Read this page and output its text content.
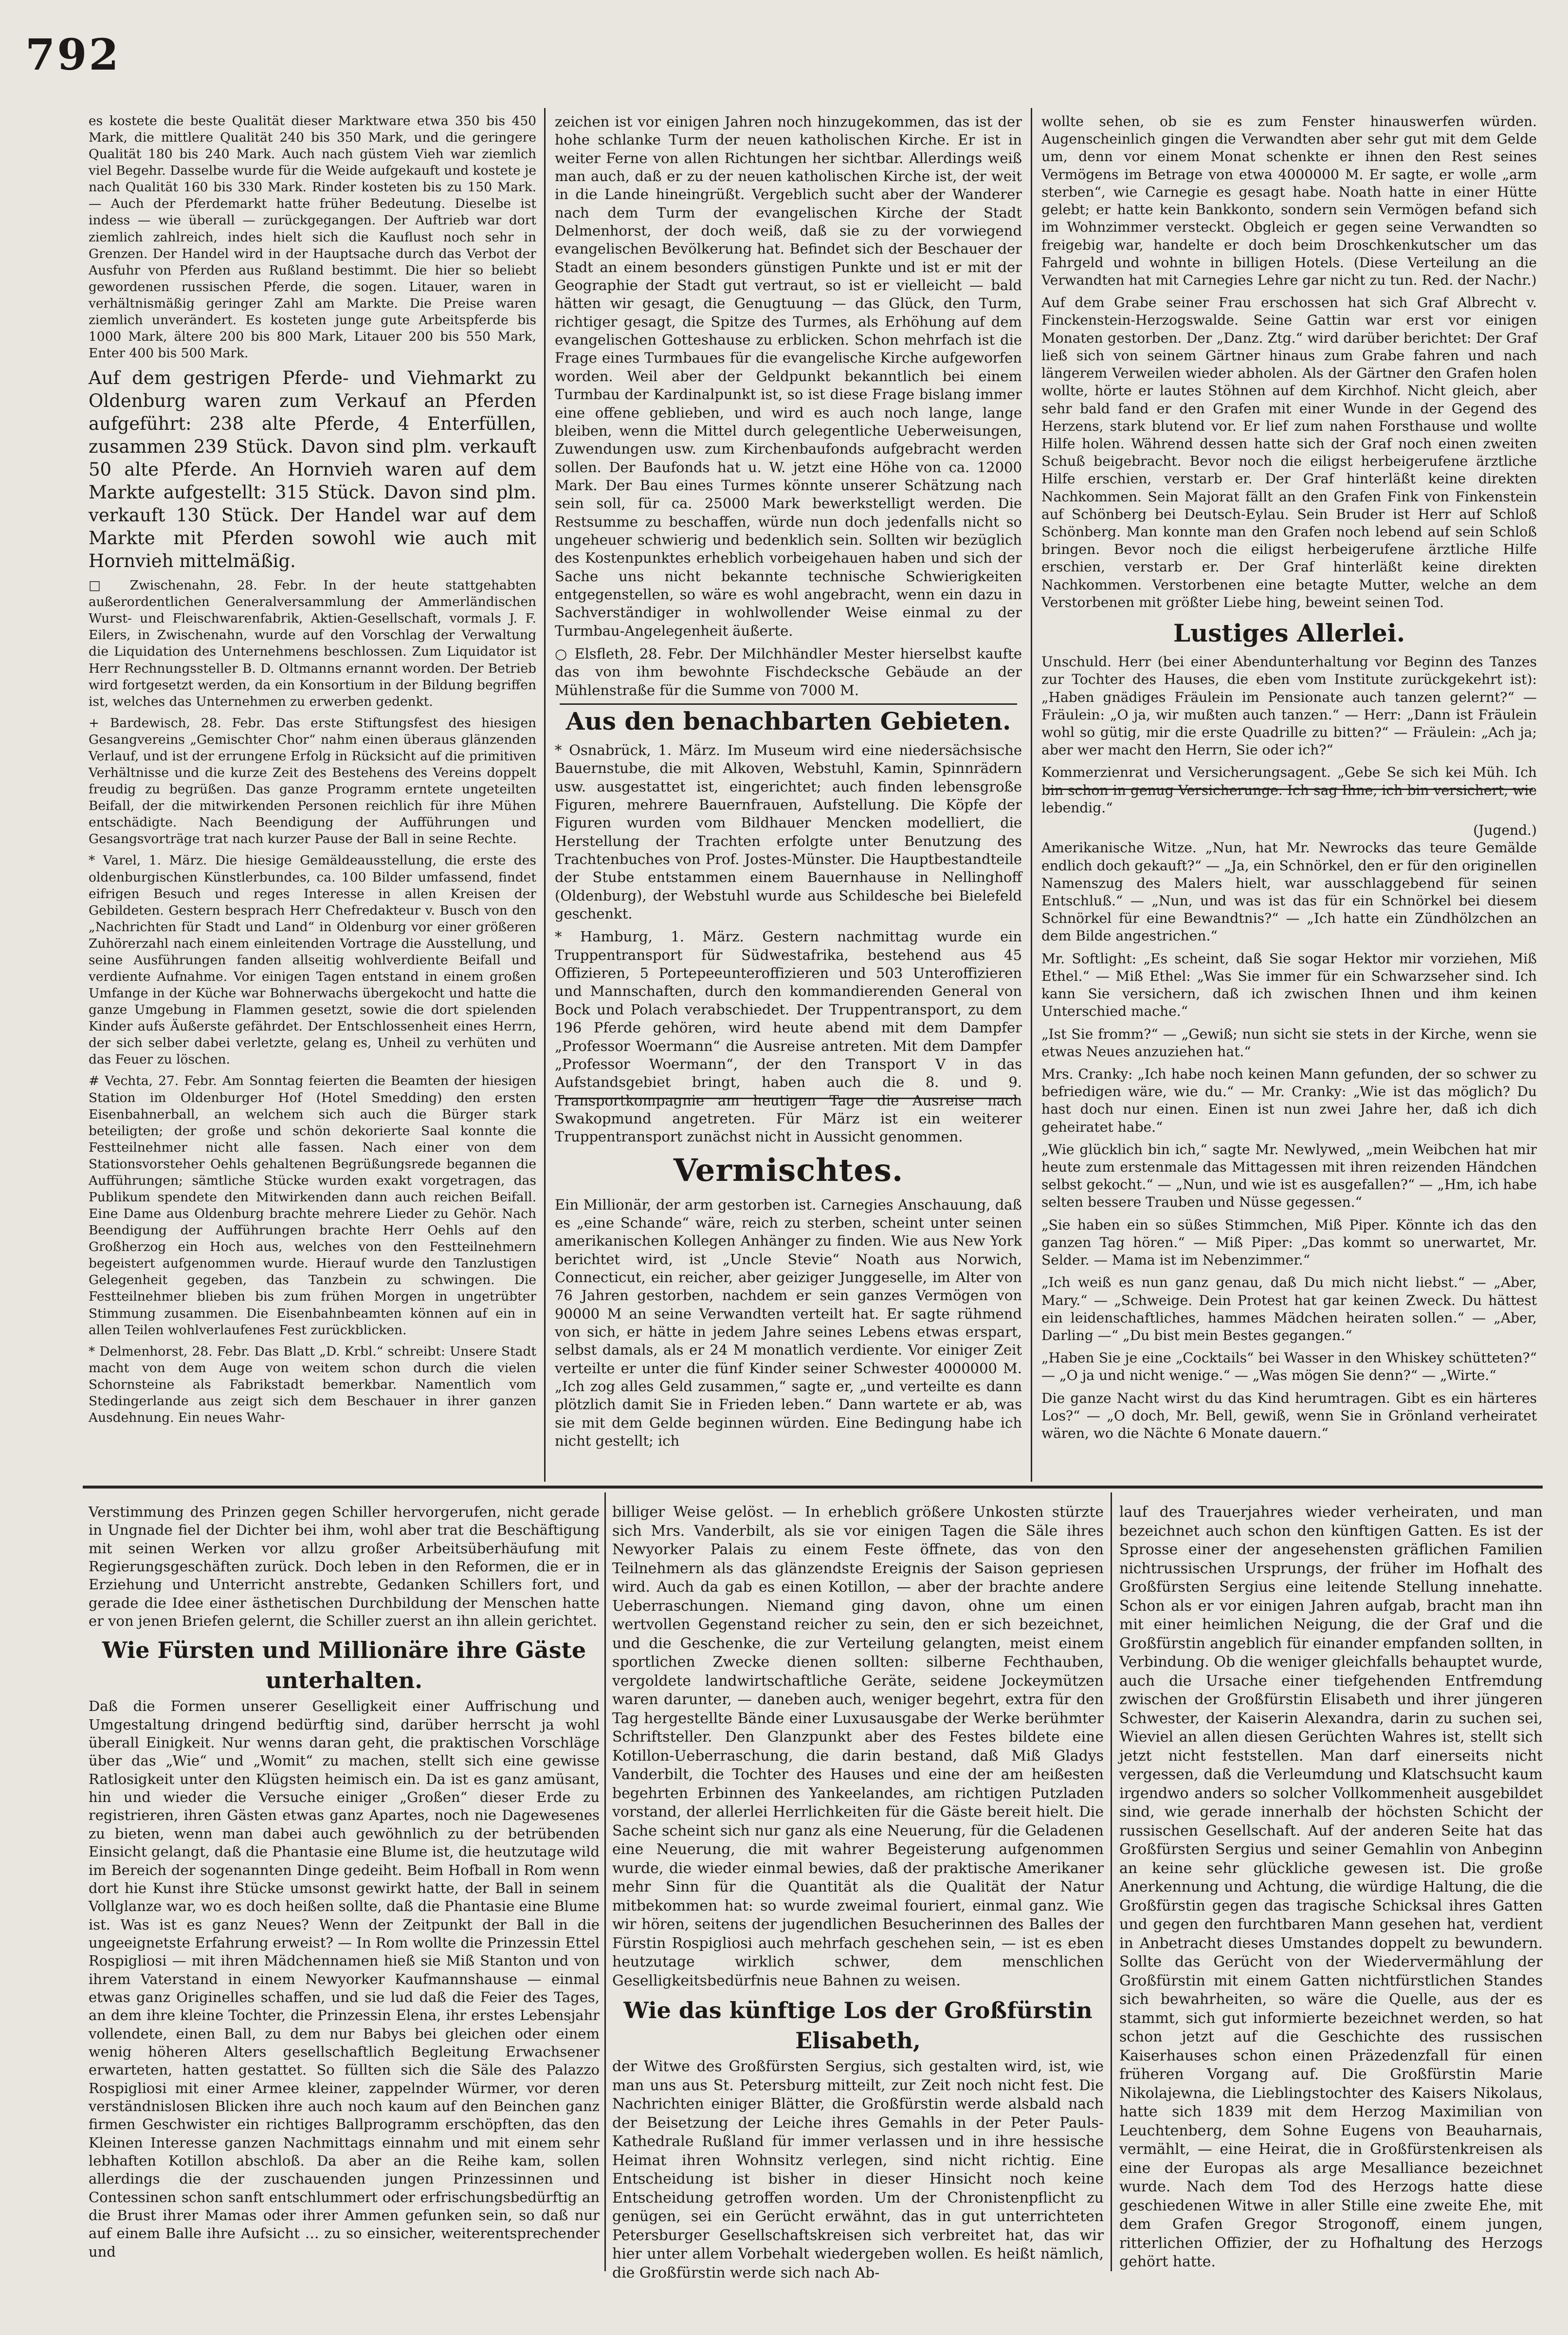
792

es kostete die beste Qualität dieser Marktware etwa 350 bis 450 Mark, die mittlere Qualität 240 bis 350 Mark, und die geringere Qualität 180 bis 240 Mark. Auch nach güstem Vieh war ziemlich viel Begehr. Dasselbe wurde für die Weide aufgekauft und kostete je nach Qualität 160 bis 330 Mark. Rinder kosteten bis zu 150 Mark. — Auch der Pferdemarkt hatte früher Bedeutung. Dieselbe ist indess — wie überall — zurückgegangen. Der Auftrieb war dort ziemlich zahlreich, indes hielt sich die Kauflust noch sehr in Grenzen. Der Handel wird in der Hauptsache durch das Verbot der Ausfuhr von Pferden aus Rußland bestimmt. Die hier so beliebt gewordenen russischen Pferde, die sogen. Litauer, waren in verhältnismäßig geringer Zahl am Markte. Die Preise waren ziemlich unverändert. Es kosteten junge gute Arbeitspferde bis 1000 Mark, ältere 200 bis 800 Mark, Litauer 200 bis 550 Mark, Enter 400 bis 500 Mark.

Auf dem gestrigen Pferde- und Viehmarkt zu Oldenburg waren zum Verkauf an Pferden aufgeführt: 238 alte Pferde, 4 Enterfüllen, zusammen 239 Stück. Davon sind plm. verkauft 50 alte Pferde. An Hornvieh waren auf dem Markte aufgestellt: 315 Stück. Davon sind plm. verkauft 130 Stück. Der Handel war auf dem Markte mit Pferden sowohl wie auch mit Hornvieh mittelmäßig.

□ Zwischenahn, 28. Febr. In der heute stattgehabten außerordentlichen Generalversammlung der Ammerländischen Wurst- und Fleischwarenfabrik, Aktien-Gesellschaft, vormals J. F. Eilers, in Zwischenahn, wurde auf den Vorschlag der Verwaltung die Liquidation des Unternehmens beschlossen. Zum Liquidator ist Herr Rechnungssteller B. D. Oltmanns ernannt worden. Der Betrieb wird fortgesetzt werden, da ein Konsortium in der Bildung begriffen ist, welches das Unternehmen zu erwerben gedenkt.

+ Bardewisch, 28. Febr. Das erste Stiftungsfest des hiesigen Gesangvereins „Gemischter Chor“ nahm einen überaus glänzenden Verlauf, und ist der errungene Erfolg in Rücksicht auf die primitiven Verhältnisse und die kurze Zeit des Bestehens des Vereins doppelt freudig zu begrüßen. Das ganze Programm erntete ungeteilten Beifall, der die mitwirkenden Personen reichlich für ihre Mühen entschädigte. Nach Beendigung der Aufführungen und Gesangsvorträge trat nach kurzer Pause der Ball in seine Rechte.

* Varel, 1. März. Die hiesige Gemäldeausstellung, die erste des oldenburgischen Künstlerbundes, ca. 100 Bilder umfassend, findet eifrigen Besuch und reges Interesse in allen Kreisen der Gebildeten. Gestern besprach Herr Chefredakteur v. Busch von den „Nachrichten für Stadt und Land“ in Oldenburg vor einer größeren Zuhörerzahl nach einem einleitenden Vortrage die Ausstellung, und seine Ausführungen fanden allseitig wohlverdiente Beifall und verdiente Aufnahme. Vor einigen Tagen entstand in einem großen Umfange in der Küche war Bohnerwachs übergekocht und hatte die ganze Umgebung in Flammen gesetzt, sowie die dort spielenden Kinder aufs Äußerste gefährdet. Der Entschlossenheit eines Herrn, der sich selber dabei verletzte, gelang es, Unheil zu verhüten und das Feuer zu löschen.

# Vechta, 27. Febr. Am Sonntag feierten die Beamten der hiesigen Station im Oldenburger Hof (Hotel Smedding) den ersten Eisenbahnerball, an welchem sich auch die Bürger stark beteiligten; der große und schön dekorierte Saal konnte die Festteilnehmer nicht alle fassen. Nach einer von dem Stationsvorsteher Oehls gehaltenen Begrüßungsrede begannen die Aufführungen; sämtliche Stücke wurden exakt vorgetragen, das Publikum spendete den Mitwirkenden dann auch reichen Beifall. Eine Dame aus Oldenburg brachte mehrere Lieder zu Gehör. Nach Beendigung der Aufführungen brachte Herr Oehls auf den Großherzog ein Hoch aus, welches von den Festteilnehmern begeistert aufgenommen wurde. Hierauf wurde den Tanzlustigen Gelegenheit gegeben, das Tanzbein zu schwingen. Die Festteilnehmer blieben bis zum frühen Morgen in ungetrübter Stimmung zusammen. Die Eisenbahnbeamten können auf ein in allen Teilen wohlverlaufenes Fest zurückblicken.

* Delmenhorst, 28. Febr. Das Blatt „D. Krbl.“ schreibt: Unsere Stadt macht von dem Auge von weitem schon durch die vielen Schornsteine als Fabrikstadt bemerkbar. Namentlich vom Stedingerlande aus zeigt sich dem Beschauer in ihrer ganzen Ausdehnung. Ein neues Wahr-

zeichen ist vor einigen Jahren noch hinzugekommen, das ist der hohe schlanke Turm der neuen katholischen Kirche. Er ist in weiter Ferne von allen Richtungen her sichtbar. Allerdings weiß man auch, daß er zu der neuen katholischen Kirche ist, der weit in die Lande hineingrüßt. Vergeblich sucht aber der Wanderer nach dem Turm der evangelischen Kirche der Stadt Delmenhorst, der doch weiß, daß sie zu der vorwiegend evangelischen Bevölkerung hat. Befindet sich der Beschauer der Stadt an einem besonders günstigen Punkte und ist er mit der Geographie der Stadt gut vertraut, so ist er vielleicht — bald hätten wir gesagt, die Genugtuung — das Glück, den Turm, richtiger gesagt, die Spitze des Turmes, als Erhöhung auf dem evangelischen Gotteshause zu erblicken. Schon mehrfach ist die Frage eines Turmbaues für die evangelische Kirche aufgeworfen worden. Weil aber der Geldpunkt bekanntlich bei einem Turmbau der Kardinalpunkt ist, so ist diese Frage bislang immer eine offene geblieben, und wird es auch noch lange, lange bleiben, wenn die Mittel durch gelegentliche Ueberweisungen, Zuwendungen usw. zum Kirchenbaufonds aufgebracht werden sollen. Der Baufonds hat u. W. jetzt eine Höhe von ca. 12000 Mark. Der Bau eines Turmes könnte unserer Schätzung nach sein soll, für ca. 25000 Mark bewerkstelligt werden. Die Restsumme zu beschaffen, würde nun doch jedenfalls nicht so ungeheuer schwierig und bedenklich sein. Sollten wir bezüglich des Kostenpunktes erheblich vorbeigehauen haben und sich der Sache uns nicht bekannte technische Schwierigkeiten entgegenstellen, so wäre es wohl angebracht, wenn ein dazu in Sachverständiger in wohlwollender Weise einmal zu der Turmbau-Angelegenheit äußerte.

○ Elsfleth, 28. Febr. Der Milchhändler Mester hierselbst kaufte das von ihm bewohnte Fischdecksche Gebäude an der Mühlenstraße für die Summe von 7000 M.

Aus den benachbarten Gebieten.

* Osnabrück, 1. März. Im Museum wird eine niedersächsische Bauernstube, die mit Alkoven, Webstuhl, Kamin, Spinnrädern usw. ausgestattet ist, eingerichtet; auch finden lebensgroße Figuren, mehrere Bauernfrauen, Aufstellung. Die Köpfe der Figuren wurden vom Bildhauer Mencken modelliert, die Herstellung der Trachten erfolgte unter Benutzung des Trachtenbuches von Prof. Jostes-Münster. Die Hauptbestandteile der Stube entstammen einem Bauernhause in Nellinghoff (Oldenburg), der Webstuhl wurde aus Schildesche bei Bielefeld geschenkt.

* Hamburg, 1. März. Gestern nachmittag wurde ein Truppentransport für Südwestafrika, bestehend aus 45 Offizieren, 5 Portepeeunteroffizieren und 503 Unteroffizieren und Mannschaften, durch den kommandierenden General von Bock und Polach verabschiedet. Der Truppentransport, zu dem 196 Pferde gehören, wird heute abend mit dem Dampfer „Professor Woermann“ die Ausreise antreten. Mit dem Dampfer „Professor Woermann“, der den Transport V in das Aufstandsgebiet bringt, haben auch die 8. und 9. Transportkompagnie am heutigen Tage die Ausreise nach Swakopmund angetreten. Für März ist ein weiterer Truppentransport zunächst nicht in Aussicht genommen.

Vermischtes.

Ein Millionär, der arm gestorben ist. Carnegies Anschauung, daß es „eine Schande“ wäre, reich zu sterben, scheint unter seinen amerikanischen Kollegen Anhänger zu finden. Wie aus New York berichtet wird, ist „Uncle Stevie“ Noath aus Norwich, Connecticut, ein reicher, aber geiziger Junggeselle, im Alter von 76 Jahren gestorben, nachdem er sein ganzes Vermögen von 90000 M an seine Verwandten verteilt hat. Er sagte rühmend von sich, er hätte in jedem Jahre seines Lebens etwas erspart, selbst damals, als er 24 M monatlich verdiente. Vor einiger Zeit verteilte er unter die fünf Kinder seiner Schwester 4000000 M. „Ich zog alles Geld zusammen,“ sagte er, „und verteilte es dann plötzlich damit Sie in Frieden leben.“ Dann wartete er ab, was sie mit dem Gelde beginnen würden. Eine Bedingung habe ich nicht gestellt; ich

wollte sehen, ob sie es zum Fenster hinauswerfen würden. Augenscheinlich gingen die Verwandten aber sehr gut mit dem Gelde um, denn vor einem Monat schenkte er ihnen den Rest seines Vermögens im Betrage von etwa 4000000 M. Er sagte, er wolle „arm sterben“, wie Carnegie es gesagt habe. Noath hatte in einer Hütte gelebt; er hatte kein Bankkonto, sondern sein Vermögen befand sich im Wohnzimmer versteckt. Obgleich er gegen seine Verwandten so freigebig war, handelte er doch beim Droschkenkutscher um das Fahrgeld und wohnte in billigen Hotels. (Diese Verteilung an die Verwandten hat mit Carnegies Lehre gar nicht zu tun. Red. der Nachr.)

Auf dem Grabe seiner Frau erschossen hat sich Graf Albrecht v. Finckenstein-Herzogswalde. Seine Gattin war erst vor einigen Monaten gestorben. Der „Danz. Ztg.“ wird darüber berichtet: Der Graf ließ sich von seinem Gärtner hinaus zum Grabe fahren und nach längerem Verweilen wieder abholen. Als der Gärtner den Grafen holen wollte, hörte er lautes Stöhnen auf dem Kirchhof. Nicht gleich, aber sehr bald fand er den Grafen mit einer Wunde in der Gegend des Herzens, stark blutend vor. Er lief zum nahen Forsthause und wollte Hilfe holen. Während dessen hatte sich der Graf noch einen zweiten Schuß beigebracht. Bevor noch die eiligst herbeigerufene ärztliche Hilfe erschien, verstarb er. Der Graf hinterläßt keine direkten Nachkommen. Sein Majorat fällt an den Grafen Fink von Finkenstein auf Schönberg bei Deutsch-Eylau. Sein Bruder ist Herr auf Schloß Schönberg. Man konnte man den Grafen noch lebend auf sein Schloß bringen. Bevor noch die eiligst herbeigerufene ärztliche Hilfe erschien, verstarb er. Der Graf hinterläßt keine direkten Nachkommen. Verstorbenen eine betagte Mutter, welche an dem Verstorbenen mit größter Liebe hing, beweint seinen Tod.

Lustiges Allerlei.

Unschuld. Herr (bei einer Abendunterhaltung vor Beginn des Tanzes zur Tochter des Hauses, die eben vom Institute zurückgekehrt ist): „Haben gnädiges Fräulein im Pensionate auch tanzen gelernt?“ — Fräulein: „O ja, wir mußten auch tanzen.“ — Herr: „Dann ist Fräulein wohl so gütig, mir die erste Quadrille zu bitten?“ — Fräulein: „Ach ja; aber wer macht den Herrn, Sie oder ich?“

Kommerzienrat und Versicherungsagent. „Gebe Se sich kei Müh. Ich bin schon in genug Versicherunge. Ich sag Ihne, ich bin versichert, wie lebendig.“

(Jugend.)

Amerikanische Witze. „Nun, hat Mr. Newrocks das teure Gemälde endlich doch gekauft?“ — „Ja, ein Schnörkel, den er für den originellen Namenszug des Malers hielt, war ausschlaggebend für seinen Entschluß.“ — „Nun, und was ist das für ein Schnörkel bei diesem Schnörkel für eine Bewandtnis?“ — „Ich hatte ein Zündhölzchen an dem Bilde angestrichen.“

Mr. Softlight: „Es scheint, daß Sie sogar Hektor mir vorziehen, Miß Ethel.“ — Miß Ethel: „Was Sie immer für ein Schwarzseher sind. Ich kann Sie versichern, daß ich zwischen Ihnen und ihm keinen Unterschied mache.“

„Ist Sie fromm?“ — „Gewiß; nun sicht sie stets in der Kirche, wenn sie etwas Neues anzuziehen hat.“

Mrs. Cranky: „Ich habe noch keinen Mann gefunden, der so schwer zu befriedigen wäre, wie du.“ — Mr. Cranky: „Wie ist das möglich? Du hast doch nur einen. Einen ist nun zwei Jahre her, daß ich dich geheiratet habe.“

„Wie glücklich bin ich,“ sagte Mr. Newlywed, „mein Weibchen hat mir heute zum erstenmale das Mittagessen mit ihren reizenden Händchen selbst gekocht.“ — „Nun, und wie ist es ausgefallen?“ — „Hm, ich habe selten bessere Trauben und Nüsse gegessen.“

„Sie haben ein so süßes Stimmchen, Miß Piper. Könnte ich das den ganzen Tag hören.“ — Miß Piper: „Das kommt so unerwartet, Mr. Selder. — Mama ist im Nebenzimmer.“

„Ich weiß es nun ganz genau, daß Du mich nicht liebst.“ — „Aber, Mary.“ — „Schweige. Dein Protest hat gar keinen Zweck. Du hättest ein leidenschaftliches, hammes Mädchen heiraten sollen.“ — „Aber, Darling —“ „Du bist mein Bestes gegangen.“

„Haben Sie je eine „Cocktails“ bei Wasser in den Whiskey schütteten?“ — „O ja und nicht wenige.“ — „Was mögen Sie denn?“ — „Wirte.“

Die ganze Nacht wirst du das Kind herumtragen. Gibt es ein härteres Los?“ — „O doch, Mr. Bell, gewiß, wenn Sie in Grönland verheiratet wären, wo die Nächte 6 Monate dauern.“

Verstimmung des Prinzen gegen Schiller hervorgerufen, nicht gerade in Ungnade fiel der Dichter bei ihm, wohl aber trat die Beschäftigung mit seinen Werken vor allzu großer Arbeitsüberhäufung mit Regierungsgeschäften zurück. Doch leben in den Reformen, die er in Erziehung und Unterricht anstrebte, Gedanken Schillers fort, und gerade die Idee einer ästhetischen Durchbildung der Menschen hatte er von jenen Briefen gelernt, die Schiller zuerst an ihn allein gerichtet.

Wie Fürsten und Millionäre ihre Gäste unterhalten.

Daß die Formen unserer Geselligkeit einer Auffrischung und Umgestaltung dringend bedürftig sind, darüber herrscht ja wohl überall Einigkeit. Nur wenns daran geht, die praktischen Vorschläge über das „Wie“ und „Womit“ zu machen, stellt sich eine gewisse Ratlosigkeit unter den Klügsten heimisch ein. Da ist es ganz amüsant, hin und wieder die Versuche einiger „Großen“ dieser Erde zu registrieren, ihren Gästen etwas ganz Apartes, noch nie Dagewesenes zu bieten, wenn man dabei auch gewöhnlich zu der betrübenden Einsicht gelangt, daß die Phantasie eine Blume ist, die heutzutage wild im Bereich der sogenannten Dinge gedeiht. Beim Hofball in Rom wenn dort hie Kunst ihre Stücke umsonst gewirkt hatte, der Ball in seinem Vollglanze war, wo es doch heißen sollte, daß die Phantasie eine Blume ist. Was ist es ganz Neues? Wenn der Zeitpunkt der Ball in die ungeeignetste Erfahrung erweist? — In Rom wollte die Prinzessin Ettel Rospigliosi — mit ihren Mädchennamen hieß sie Miß Stanton und von ihrem Vaterstand in einem Newyorker Kaufmannshause — einmal etwas ganz Originelles schaffen, und sie lud daß die Feier des Tages, an dem ihre kleine Tochter, die Prinzessin Elena, ihr erstes Lebensjahr vollendete, einen Ball, zu dem nur Babys bei gleichen oder einem wenig höheren Alters gesellschaftlich Begleitung Erwachsener erwarteten, hatten gestattet. So füllten sich die Säle des Palazzo Rospigliosi mit einer Armee kleiner, zappelnder Würmer, vor deren verständnislosen Blicken ihre auch noch kaum auf den Beinchen ganz firmen Geschwister ein richtiges Ballprogramm erschöpften, das den Kleinen Interesse ganzen Nachmittags einnahm und mit einem sehr lebhaften Kotillon abschloß. Da aber an die Reihe kam, sollen allerdings die der zuschauenden jungen Prinzessinnen und Contessinen schon sanft entschlummert oder erfrischungsbedürftig an die Brust ihrer Mamas oder ihrer Ammen gefunken sein, so daß nur auf einem Balle ihre Aufsicht … zu so einsicher, weiterentsprechender und

billiger Weise gelöst. — In erheblich größere Unkosten stürzte sich Mrs. Vanderbilt, als sie vor einigen Tagen die Säle ihres Newyorker Palais zu einem Feste öffnete, das von den Teilnehmern als das glänzendste Ereignis der Saison gepriesen wird. Auch da gab es einen Kotillon, — aber der brachte andere Ueberraschungen. Niemand ging davon, ohne um einen wertvollen Gegenstand reicher zu sein, den er sich bezeichnet, und die Geschenke, die zur Verteilung gelangten, meist einem sportlichen Zwecke dienen sollten: silberne Fechthauben, vergoldete landwirtschaftliche Geräte, seidene Jockeymützen waren darunter, — daneben auch, weniger begehrt, extra für den Tag hergestellte Bände einer Luxusausgabe der Werke berühmter Schriftsteller. Den Glanzpunkt aber des Festes bildete eine Kotillon-Ueberraschung, die darin bestand, daß Miß Gladys Vanderbilt, die Tochter des Hauses und eine der am heißesten begehrten Erbinnen des Yankeelandes, am richtigen Putzladen vorstand, der allerlei Herrlichkeiten für die Gäste bereit hielt. Die Sache scheint sich nur ganz als eine Neuerung, für die Geladenen eine Neuerung, die mit wahrer Begeisterung aufgenommen wurde, die wieder einmal bewies, daß der praktische Amerikaner mehr Sinn für die Quantität als die Qualität der Natur mitbekommen hat: so wurde zweimal fouriert, einmal ganz. Wie wir hören, seitens der jugendlichen Besucherinnen des Balles der Fürstin Rospigliosi auch mehrfach geschehen sein, — ist es eben heutzutage wirklich schwer, dem menschlichen Geselligkeitsbedürfnis neue Bahnen zu weisen.

Wie das künftige Los der Großfürstin Elisabeth,

der Witwe des Großfürsten Sergius, sich gestalten wird, ist, wie man uns aus St. Petersburg mitteilt, zur Zeit noch nicht fest. Die Nachrichten einiger Blätter, die Großfürstin werde alsbald nach der Beisetzung der Leiche ihres Gemahls in der Peter Pauls-Kathedrale Rußland für immer verlassen und in ihre hessische Heimat ihren Wohnsitz verlegen, sind nicht richtig. Eine Entscheidung ist bisher in dieser Hinsicht noch keine Entscheidung getroffen worden. Um der Chronistenpflicht zu genügen, sei ein Gerücht erwähnt, das in gut unterrichteten Petersburger Gesellschaftskreisen sich verbreitet hat, das wir hier unter allem Vorbehalt wiedergeben wollen. Es heißt nämlich, die Großfürstin werde sich nach Ab-

lauf des Trauerjahres wieder verheiraten, und man bezeichnet auch schon den künftigen Gatten. Es ist der Sprosse einer der angesehensten gräflichen Familien nichtrussischen Ursprungs, der früher im Hofhalt des Großfürsten Sergius eine leitende Stellung innehatte. Schon als er vor einigen Jahren aufgab, bracht man ihn mit einer heimlichen Neigung, die der Graf und die Großfürstin angeblich für einander empfanden sollten, in Verbindung. Ob die weniger gleichfalls behauptet wurde, auch die Ursache einer tiefgehenden Entfremdung zwischen der Großfürstin Elisabeth und ihrer jüngeren Schwester, der Kaiserin Alexandra, darin zu suchen sei, Wieviel an allen diesen Gerüchten Wahres ist, stellt sich jetzt nicht feststellen. Man darf einerseits nicht vergessen, daß die Verleumdung und Klatschsucht kaum irgendwo anders so solcher Vollkommenheit ausgebildet sind, wie gerade innerhalb der höchsten Schicht der russischen Gesellschaft. Auf der anderen Seite hat das Großfürsten Sergius und seiner Gemahlin von Anbeginn an keine sehr glückliche gewesen ist. Die große Anerkennung und Achtung, die würdige Haltung, die die Großfürstin gegen das tragische Schicksal ihres Gatten und gegen den furchtbaren Mann gesehen hat, verdient in Anbetracht dieses Umstandes doppelt zu bewundern. Sollte das Gerücht von der Wiedervermählung der Großfürstin mit einem Gatten nichtfürstlichen Standes sich bewahrheiten, so wäre die Quelle, aus der es stammt, sich gut informierte bezeichnet werden, so hat schon jetzt auf die Geschichte des russischen Kaiserhauses schon einen Präzedenzfall für einen früheren Vorgang auf. Die Großfürstin Marie Nikolajewna, die Lieblingstochter des Kaisers Nikolaus, hatte sich 1839 mit dem Herzog Maximilian von Leuchtenberg, dem Sohne Eugens von Beauharnais, vermählt, — eine Heirat, die in Großfürstenkreisen als eine der Europas als arge Mesalliance bezeichnet wurde. Nach dem Tod des Herzogs hatte diese geschiedenen Witwe in aller Stille eine zweite Ehe, mit dem Grafen Gregor Strogonoff, einem jungen, ritterlichen Offizier, der zu Hofhaltung des Herzogs gehört hatte.
